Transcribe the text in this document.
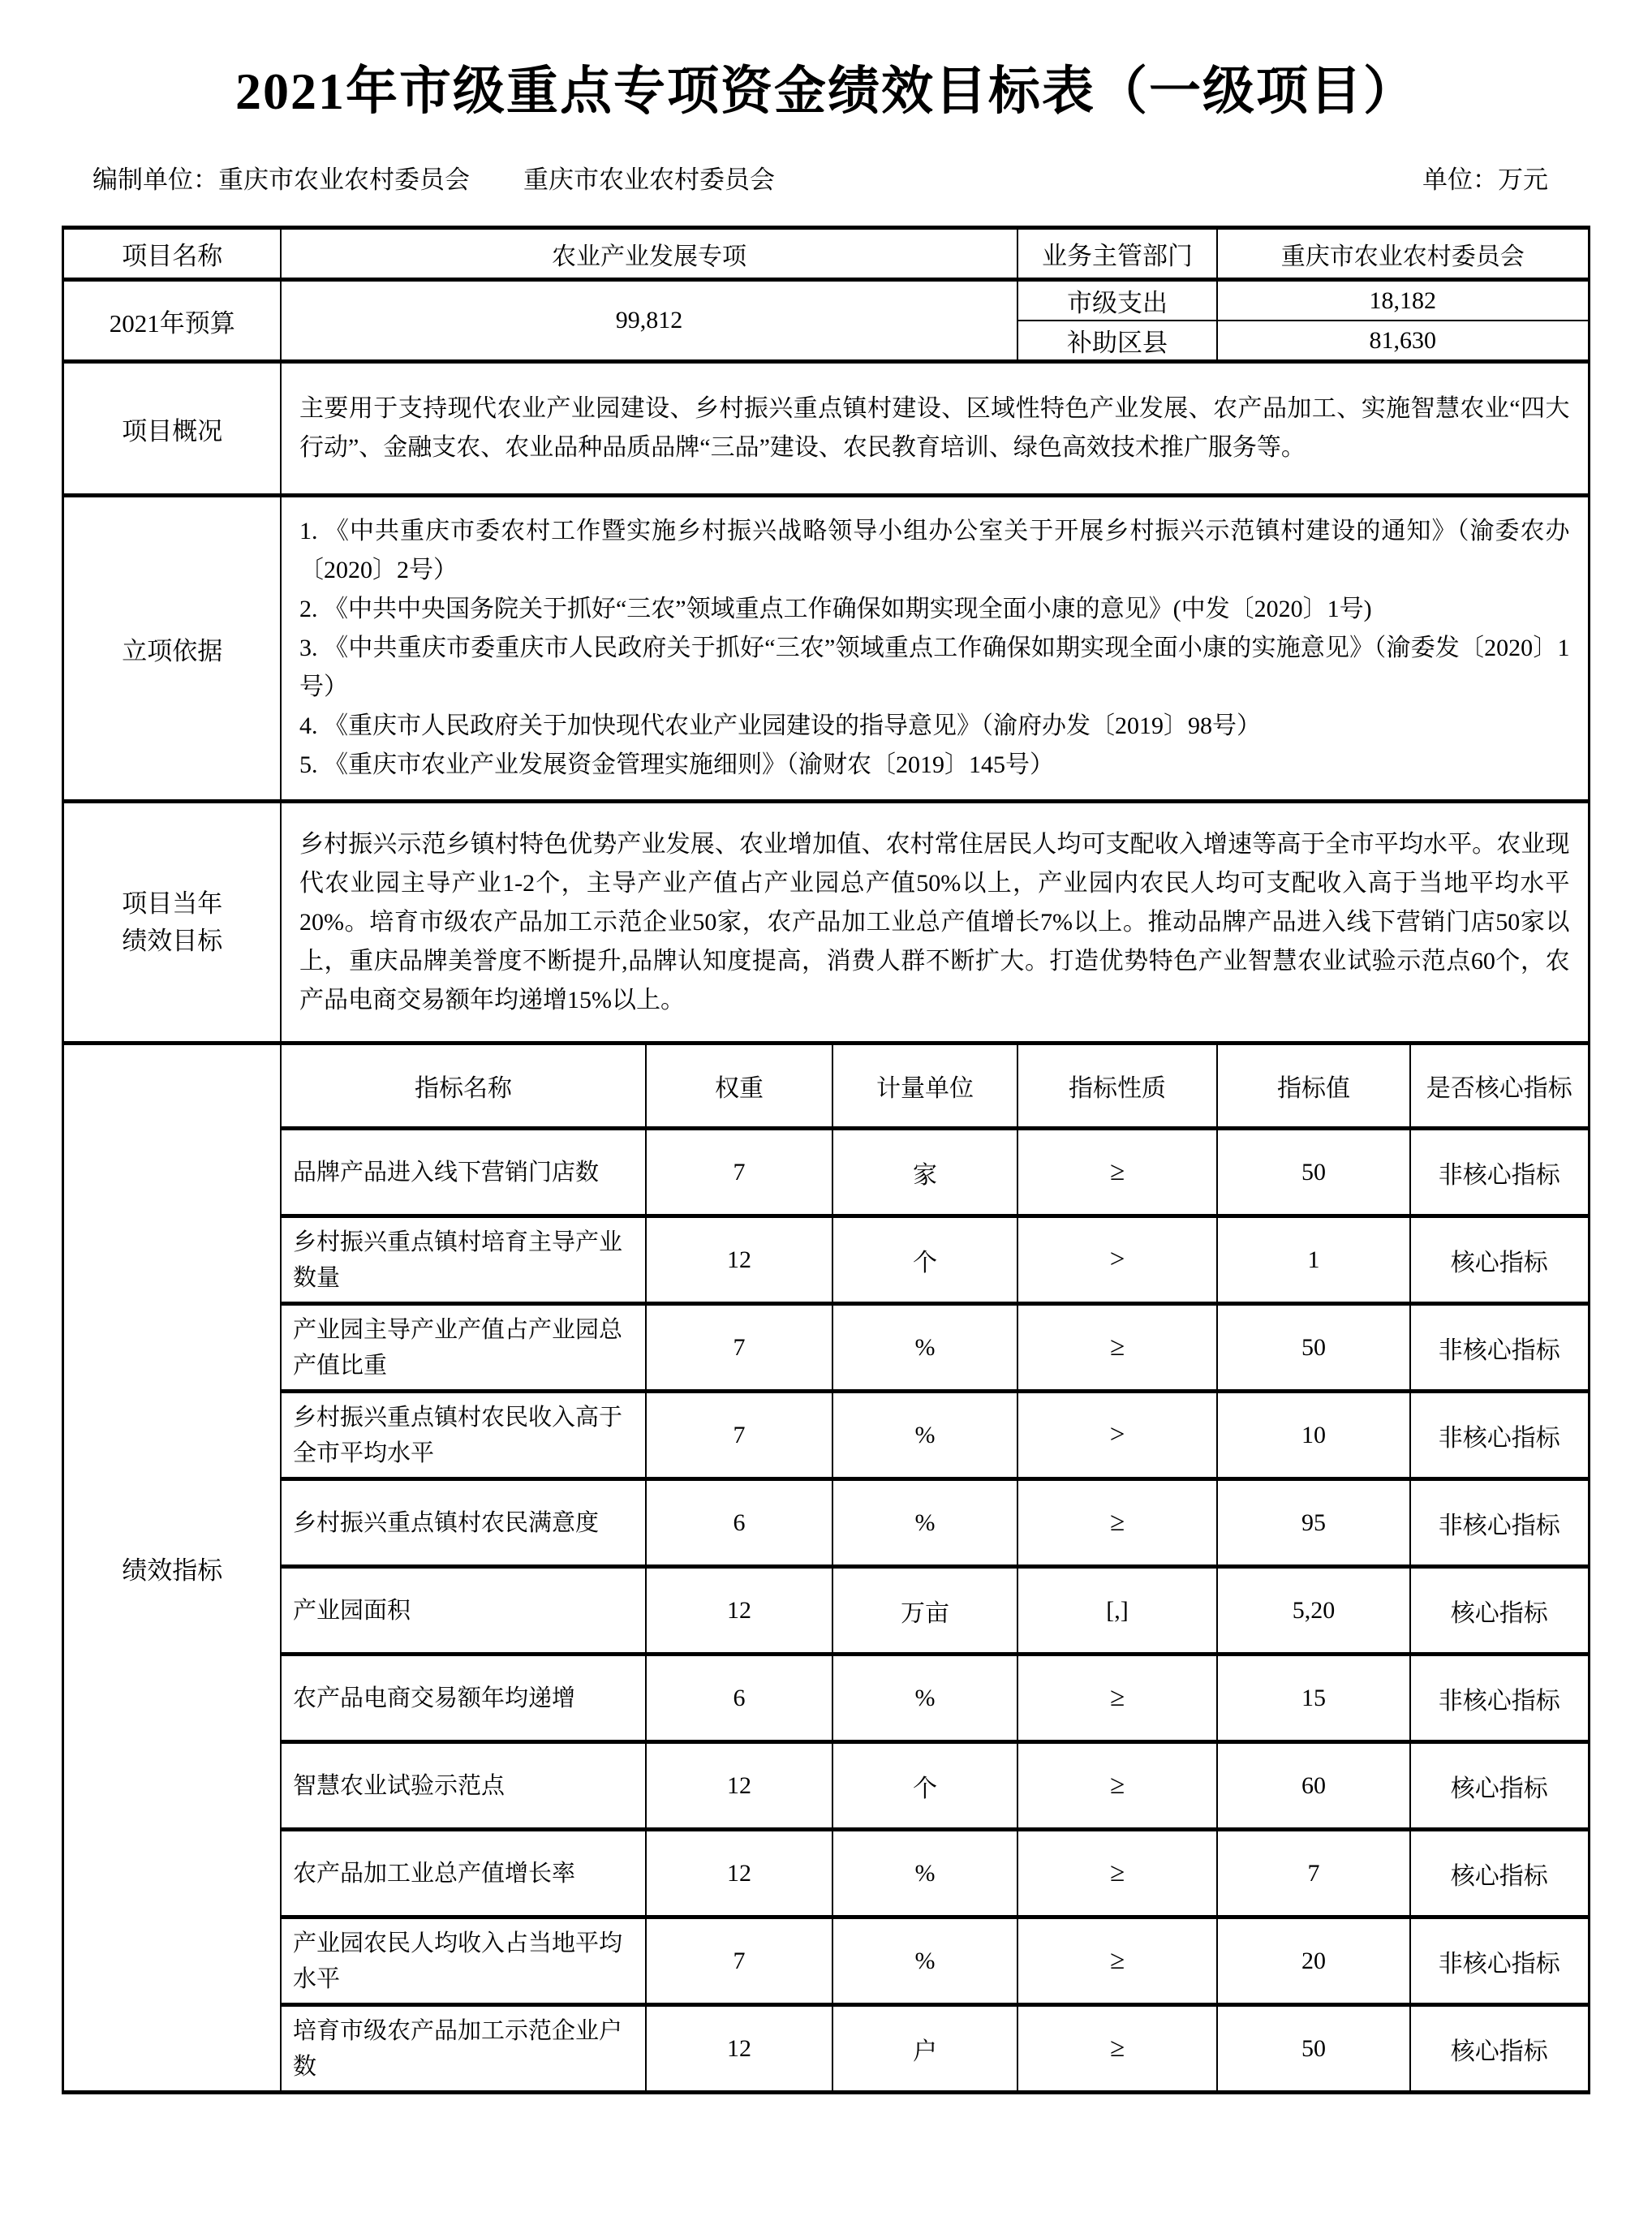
2021年市级重点专项资金绩效目标表（一级项目）
编制单位：重庆市农业农村委员会 重庆市农业农村委员会	单位：万元
项目名称	农业产业发展专项			业务主管部门	重庆市农业农村委员会	
2021年预算	99,812			市级支出	18,182	
				补助区县	81,630	
项目概况	主要用于支持现代农业产业园建设、乡村振兴重点镇村建设、区域性特色产业发展、农产品加工、实施智慧农业“四大行动”、金融支农、农业品种品质品牌“三品”建设、农民教育培训、绿色高效技术推广服务等。					
立项依据	1. 《中共重庆市委农村工作暨实施乡村振兴战略领导小组办公室关于开展乡村振兴示范镇村建设的通知》（渝委农办〔2020〕2号）
2. 《中共中央国务院关于抓好“三农”领域重点工作确保如期实现全面小康的意见》(中发〔2020〕1号)
3. 《中共重庆市委重庆市人民政府关于抓好“三农”领域重点工作确保如期实现全面小康的实施意见》（渝委发〔2020〕1 号）
4. 《重庆市人民政府关于加快现代农业产业园建设的指导意见》（渝府办发〔2019〕98号）
5. 《重庆市农业产业发展资金管理实施细则》（渝财农〔2019〕145号）					

项目当年绩效目标	乡村振兴示范乡镇村特色优势产业发展、农业增加值、农村常住居民人均可支配收入增速等高于全市平均水平。农业现代农业园主导产业1-2个，主导产业产值占产业园总产值50%以上，产业园内农民人均可支配收入高于当地平均水平20%。培育市级农产品加工示范企业50家，农产品加工业总产值增长7%以上。推动品牌产品进入线下营销门店50家以上，重庆品牌美誉度不断提升,品牌认知度提高，消费人群不断扩大。打造优势特色产业智慧农业试验示范点60个，农产品电商交易额年均递增15%以上。					
绩效指标	指标名称	权重	计量单位	指标性质	指标值	是否核心指标
	品牌产品进入线下营销门店数	7	家	≥	50	非核心指标
	乡村振兴重点镇村培育主导产业数量	12	个	>	1	核心指标
	产业园主导产业产值占产业园总产值比重	7	%	≥	50	非核心指标
	乡村振兴重点镇村农民收入高于全市平均水平	7	%	>	10	非核心指标
	乡村振兴重点镇村农民满意度	6	%	≥	95	非核心指标
	产业园面积	12	万亩	[,]	5,20	核心指标
	农产品电商交易额年均递增	6	%	≥	15	非核心指标
	智慧农业试验示范点	12	个	≥	60	核心指标
	农产品加工业总产值增长率	12	%	≥	7	核心指标
	产业园农民人均收入占当地平均水平	7	%	≥	20	非核心指标
	培育市级农产品加工示范企业户数	12	户	≥	50	核心指标
